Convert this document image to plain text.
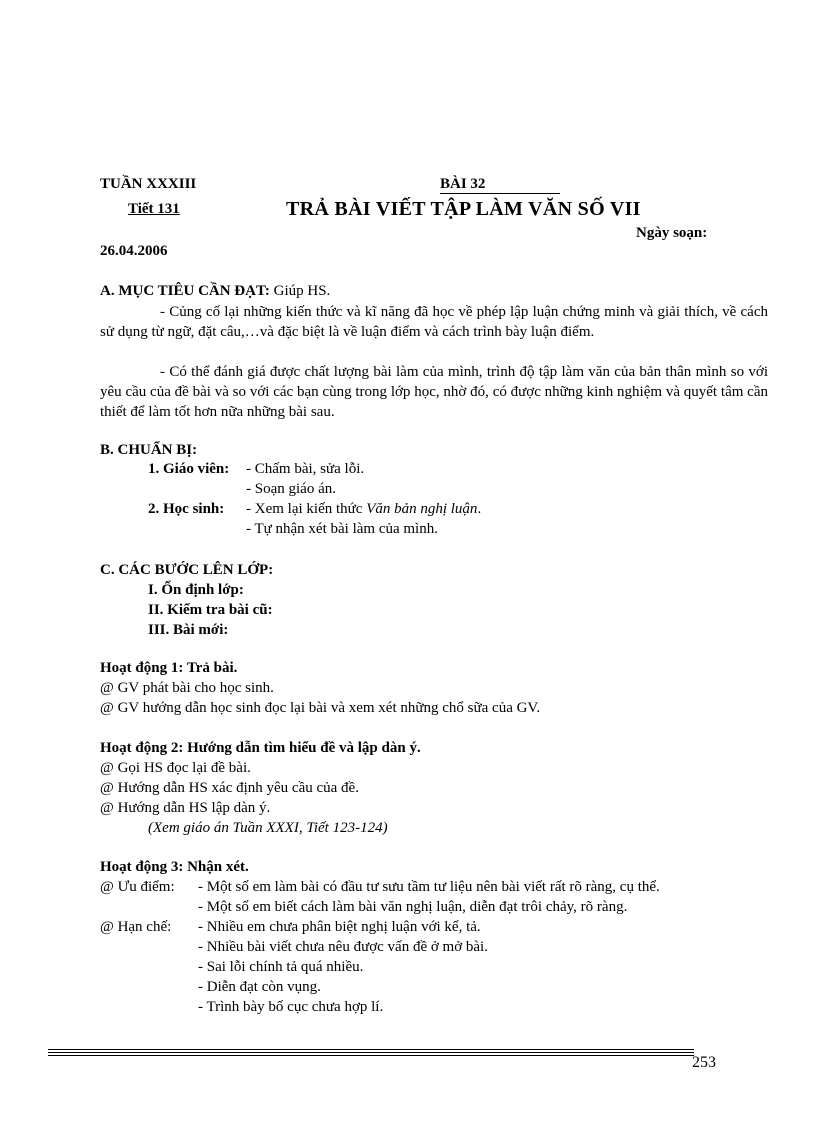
TUẦN XXXIII
Tiết 131
BÀI 32
TRẢ BÀI VIẾT TẬP LÀM VĂN SỐ VII
Ngày soạn:
26.04.2006
A. MỤC TIÊU CẦN ĐẠT: Giúp HS.
- Củng cố lại những kiến thức và kĩ năng đã học về phép lập luận chứng minh và giải thích, về cách sử dụng từ ngữ, đặt câu,…và đặc biệt là về luận điểm và cách trình bày luận điểm.
- Có thể đánh giá được chất lượng bài làm của mình, trình độ tập làm văn của bản thân mình so với yêu cầu của đề bài và so với các bạn cùng trong lớp học, nhờ đó, có được những kinh nghiệm và quyết tâm cần thiết để làm tốt hơn nữa những bài sau.
B. CHUẨN BỊ:
1. Giáo viên: - Chấm bài, sửa lỗi.
- Soạn giáo án.
2. Học sinh: - Xem lại kiến thức Văn bản nghị luận.
- Tự nhận xét bài làm của mình.
C. CÁC BƯỚC LÊN LỚP:
I. Ổn định lớp:
II. Kiểm tra bài cũ:
III. Bài mới:
Hoạt động 1: Trả bài.
@ GV phát bài cho học sinh.
@ GV hướng dẫn học sinh đọc lại bài và xem xét những chổ sữa của GV.
Hoạt động 2: Hướng dẫn tìm hiểu đề và lập dàn ý.
@ Gọi HS đọc lại đề bài.
@ Hướng dẫn HS xác định yêu cầu của đề.
@ Hướng dẫn HS lập dàn ý.
(Xem giáo án Tuần XXXI, Tiết 123-124)
Hoạt động 3: Nhận xét.
@ Ưu điểm: - Một số em làm bài có đầu tư sưu tầm tư liệu nên bài viết rất rõ ràng, cụ thể.
- Một số em biết cách làm bài văn nghị luận, diễn đạt trôi chảy, rõ ràng.
@ Hạn chế: - Nhiều em chưa phân biệt nghị luận với kể, tả.
- Nhiều bài viết chưa nêu được vấn đề ở mở bài.
- Sai lỗi chính tả quá nhiều.
- Diễn đạt còn vụng.
- Trình bày bố cục chưa hợp lí.
253
